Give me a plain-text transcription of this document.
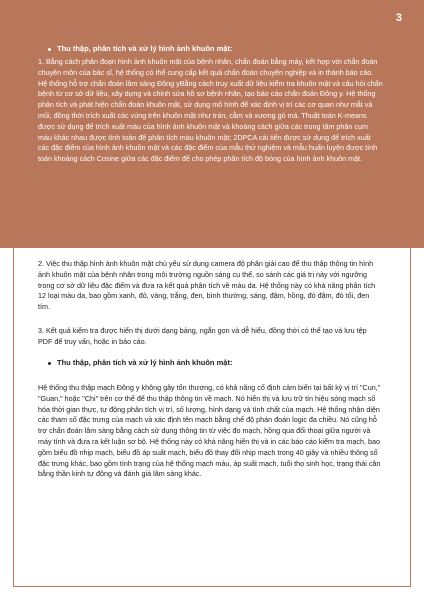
3
Thu thập, phân tích và xử lý hình ảnh khuôn mặt:

1. Bằng cách phân đoạn hình ảnh khuôn mặt của bệnh nhân, chẩn đoán bằng máy, kết hợp với chẩn đoán chuyên môn của bác sĩ, hệ thống có thể cung cấp kết quả chẩn đoán chuyên nghiệp và in thành báo cáo. Hệ thống hỗ trợ chẩn đoán lâm sàng Đông yBằng cách truy xuất dữ liệu kiểm tra khuôn mặt và câu hỏi chẩn bệnh từ cơ sở dữ liệu, xây dựng và chỉnh sửa hồ sơ bệnh nhân, tạo báo cáo chẩn đoán Đông y. Hệ thống phân tích và phát hiện chẩn đoán khuôn mặt, sử dụng mô hình để xác định vị trí các cơ quan như mắt và mũi, đồng thời trích xuất các vùng trên khuôn mặt như trán, cằm và xương gò má. Thuật toán K-means được sử dụng để trích xuất màu của hình ảnh khuôn mặt và khoảng cách giữa các trung tâm phân cụm màu khác nhau được tính toán để phân tích màu khuôn mặt; 2DPCA cải tiến được sử dụng để trích xuất các đặc điểm của hình ảnh khuôn mặt và các đặc điểm của mẫu thử nghiệm và mẫu huấn luyện được tính toán khoảng cách Cosine giữa các đặc điểm để cho phép phân tích độ bóng của hình ảnh khuôn mặt.

2. Việc thu thập hình ảnh khuôn mặt chủ yếu sử dụng camera độ phân giải cao để thu thập thông tin hình ảnh khuôn mặt của bệnh nhân trong môi trường nguồn sáng cụ thể, so sánh các giá trị này với ngưỡng trong cơ sở dữ liệu đặc điểm và đưa ra kết quả phân tích về màu da. Hệ thống này có khả năng phân tích 12 loại màu da, bao gồm xanh, đỏ, vàng, trắng, đen, bình thường, sáng, đậm, hồng, đỏ đậm, đỏ tối, đen tím.

3. Kết quả kiểm tra được hiển thị dưới dạng bảng, ngắn gọn và dễ hiểu, đồng thời có thể tạo và lưu tệp PDF để truy vấn, hoặc in báo cáo.

Thu thập, phân tích và xử lý hình ảnh khuôn mặt:

Hệ thống thu thập mạch Đông y không gây tổn thương, có khả năng cố định cảm biến tại bất kỳ vị trí "Cun," "Guan," hoặc "Chi" trên cơ thể để thu thập thông tin về mạch. Nó hiển thị và lưu trữ tín hiệu sóng mạch số hóa thời gian thực, tự động phân tích vị trí, số lượng, hình dạng và tình chất của mạch. Hệ thống nhận diện các tham số đặc trưng của mạch và xác định tên mạch bằng chế độ phán đoán logic đa chiều. Nó cũng hỗ trợ chẩn đoán lâm sàng bằng cách sử dụng thông tin từ việc đo mạch, hồng qua đối thoại giữa người và máy tính và đưa ra kết luận sơ bộ. Hệ thống này có khả năng hiển thị và in các báo cáo kiểm tra mạch, bao gồm biểu đồ nhịp mạch, biểu đồ áp suất mạch, biểu đồ thay đổi nhịp mạch trong 40 giây và nhiều thông số đặc trưng khác, bao gồm tính trạng của hệ thống mạch máu, áp suất mạch, tuổi thọ sinh học, trạng thái cân bằng thần kinh tự động và đánh giá lâm sàng khác.
